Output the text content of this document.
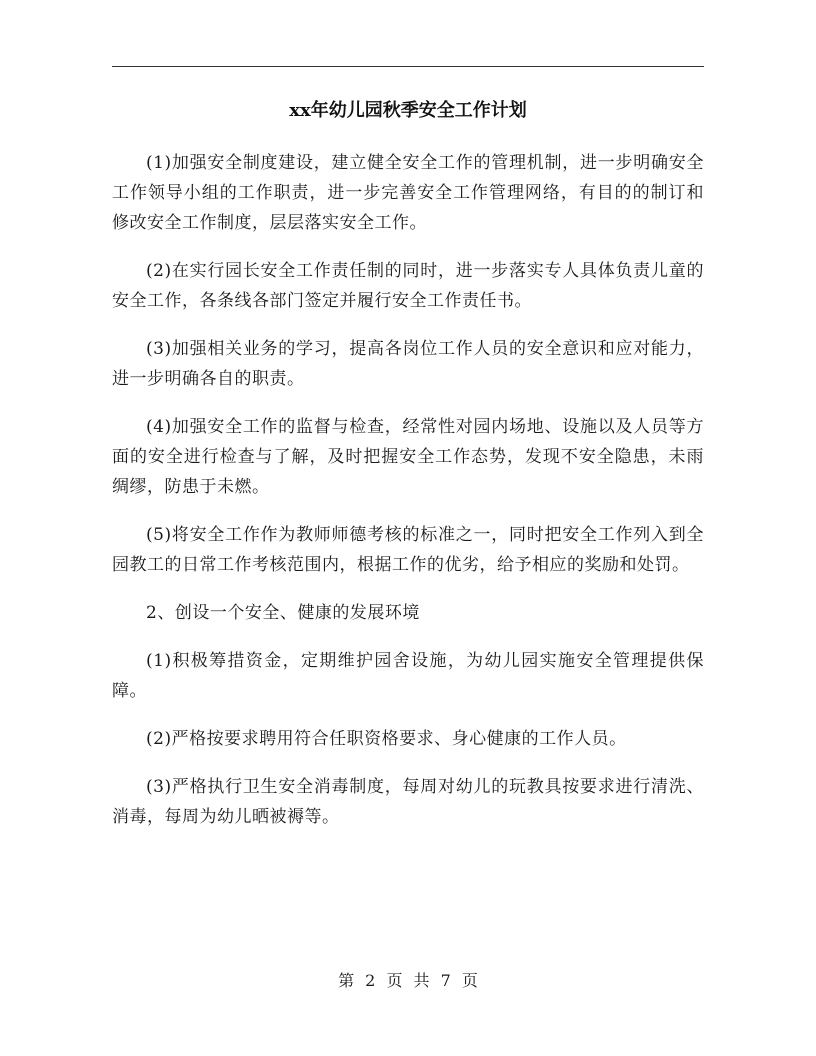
xx年幼儿园秋季安全工作计划

(1)加强安全制度建设，建立健全安全工作的管理机制，进一步明确安全工作领导小组的工作职责，进一步完善安全工作管理网络，有目的的制订和修改安全工作制度，层层落实安全工作。

(2)在实行园长安全工作责任制的同时，进一步落实专人具体负责儿童的安全工作，各条线各部门签定并履行安全工作责任书。

(3)加强相关业务的学习，提高各岗位工作人员的安全意识和应对能力，进一步明确各自的职责。

(4)加强安全工作的监督与检查，经常性对园内场地、设施以及人员等方面的安全进行检查与了解，及时把握安全工作态势，发现不安全隐患，未雨绸缪，防患于未燃。

(5)将安全工作作为教师师德考核的标准之一，同时把安全工作列入到全园教工的日常工作考核范围内，根据工作的优劣，给予相应的奖励和处罚。

2、创设一个安全、健康的发展环境

(1)积极筹措资金，定期维护园舍设施，为幼儿园实施安全管理提供保障。

(2)严格按要求聘用符合任职资格要求、身心健康的工作人员。

(3)严格执行卫生安全消毒制度，每周对幼儿的玩教具按要求进行清洗、消毒，每周为幼儿晒被褥等。

第 2 页 共 7 页
